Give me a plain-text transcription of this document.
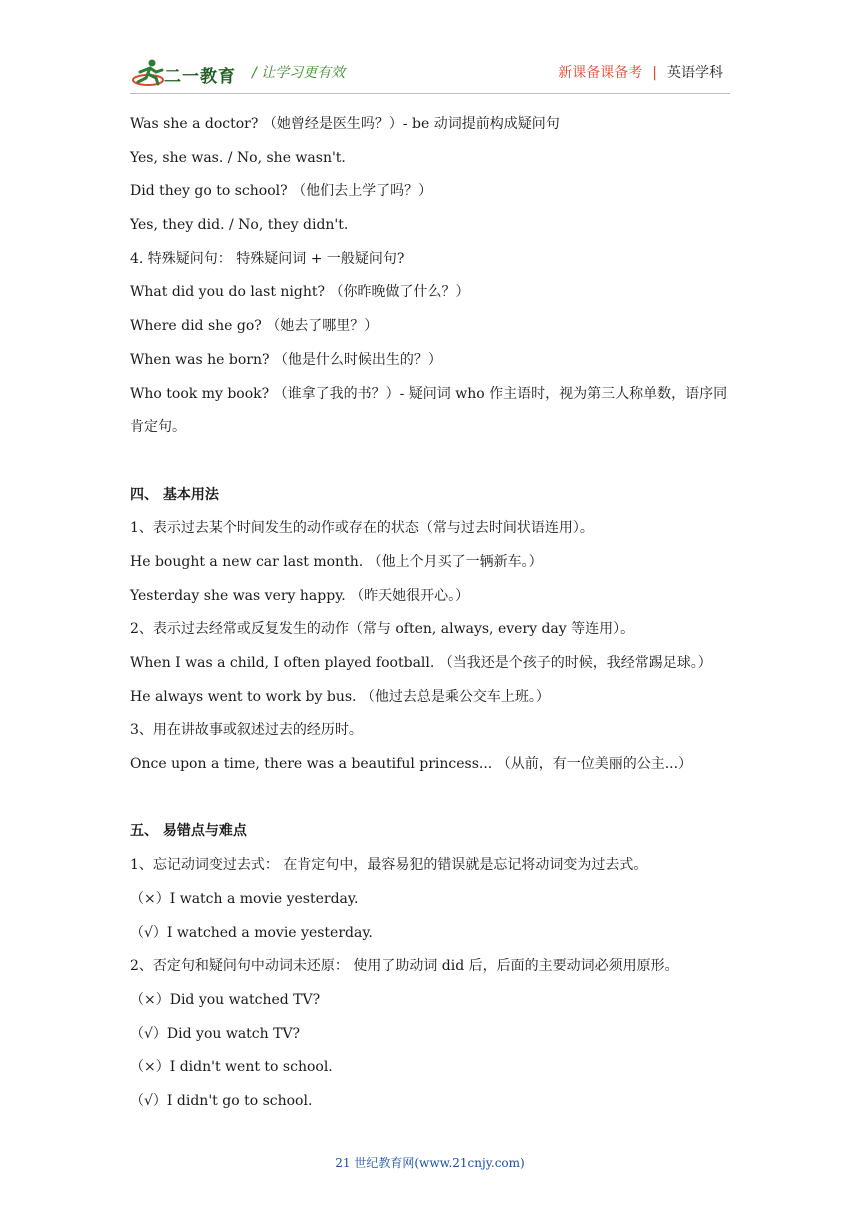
二一教育 / 让学习更有效	新课备课备考 | 英语学科
Was she a doctor? （她曾经是医生吗？）- be 动词提前构成疑问句
Yes, she was. / No, she wasn't.
Did they go to school? （他们去上学了吗？）
Yes, they did. / No, they didn't.
4. 特殊疑问句： 特殊疑问词 + 一般疑问句?
What did you do last night? （你昨晚做了什么？）
Where did she go? （她去了哪里？）
When was he born? （他是什么时候出生的？）
Who took my book? （谁拿了我的书？）- 疑问词 who 作主语时，视为第三人称单数，语序同肯定句。
四、 基本用法
1、表示过去某个时间发生的动作或存在的状态（常与过去时间状语连用）。
He bought a new car last month. （他上个月买了一辆新车。）
Yesterday she was very happy. （昨天她很开心。）
2、表示过去经常或反复发生的动作（常与 often, always, every day 等连用）。
When I was a child, I often played football. （当我还是个孩子的时候，我经常踢足球。）
He always went to work by bus. （他过去总是乘公交车上班。）
3、用在讲故事或叙述过去的经历时。
Once upon a time, there was a beautiful princess... （从前，有一位美丽的公主...）
五、 易错点与难点
1、忘记动词变过去式： 在肯定句中，最容易犯的错误就是忘记将动词变为过去式。
（×）I watch a movie yesterday.
（√）I watched a movie yesterday.
2、否定句和疑问句中动词未还原： 使用了助动词 did 后，后面的主要动词必须用原形。
（×）Did you watched TV?
（√）Did you watch TV?
（×）I didn't went to school.
（√）I didn't go to school.
21 世纪教育网(www.21cnjy.com)
